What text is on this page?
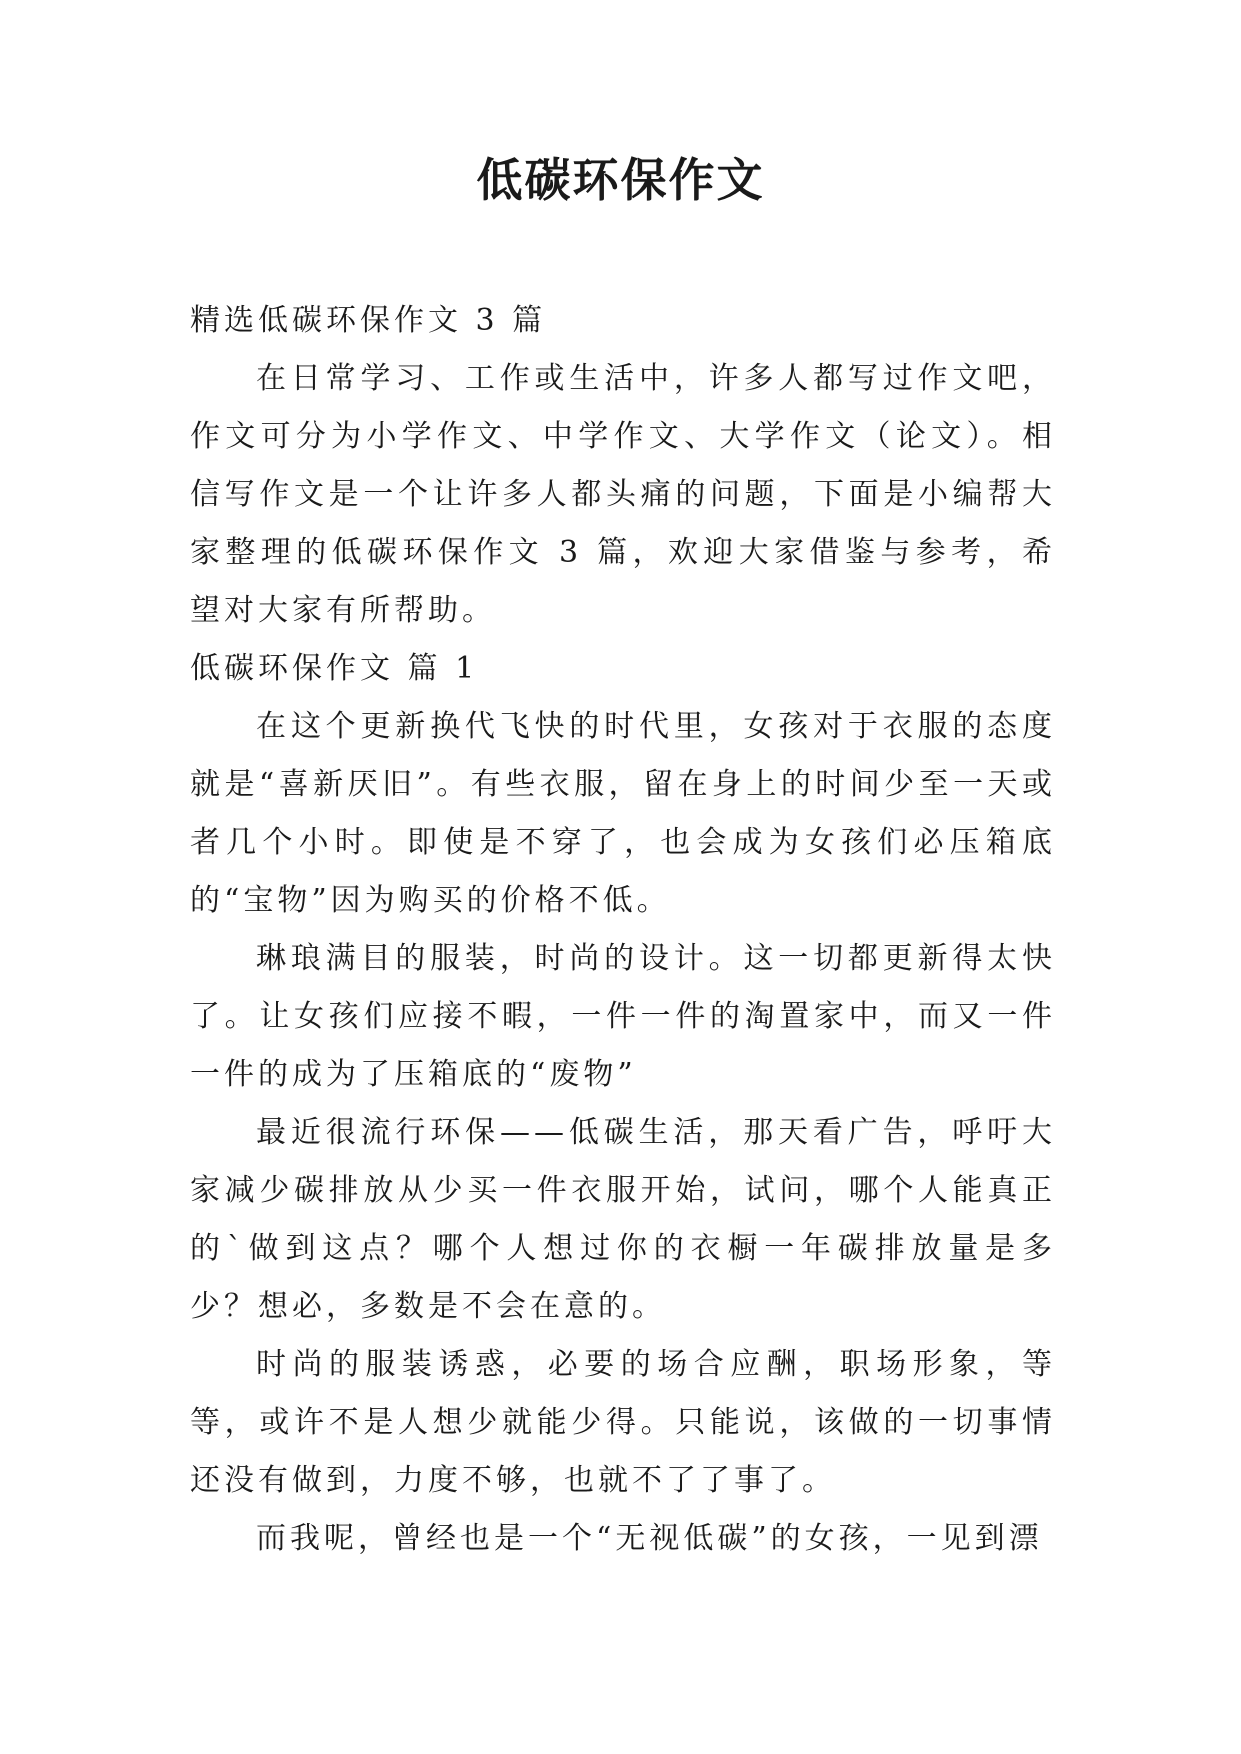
低碳环保作文

精选低碳环保作文 3 篇

在日常学习、工作或生活中，许多人都写过作文吧，作文可分为小学作文、中学作文、大学作文（论文）。相信写作文是一个让许多人都头痛的问题，下面是小编帮大家整理的低碳环保作文 3 篇，欢迎大家借鉴与参考，希望对大家有所帮助。

低碳环保作文 篇 1

在这个更新换代飞快的时代里，女孩对于衣服的态度就是“喜新厌旧”。有些衣服，留在身上的时间少至一天或者几个小时。即使是不穿了，也会成为女孩们必压箱底的“宝物”因为购买的价格不低。

琳琅满目的服装，时尚的设计。这一切都更新得太快了。让女孩们应接不暇，一件一件的淘置家中，而又一件一件的成为了压箱底的“废物”

最近很流行环保——低碳生活，那天看广告，呼吁大家减少碳排放从少买一件衣服开始，试问，哪个人能真正的`做到这点？哪个人想过你的衣橱一年碳排放量是多少？想必，多数是不会在意的。

时尚的服装诱惑，必要的场合应酬，职场形象，等等，或许不是人想少就能少得。只能说，该做的一切事情还没有做到，力度不够，也就不了了事了。

而我呢，曾经也是一个“无视低碳”的女孩，一见到漂
